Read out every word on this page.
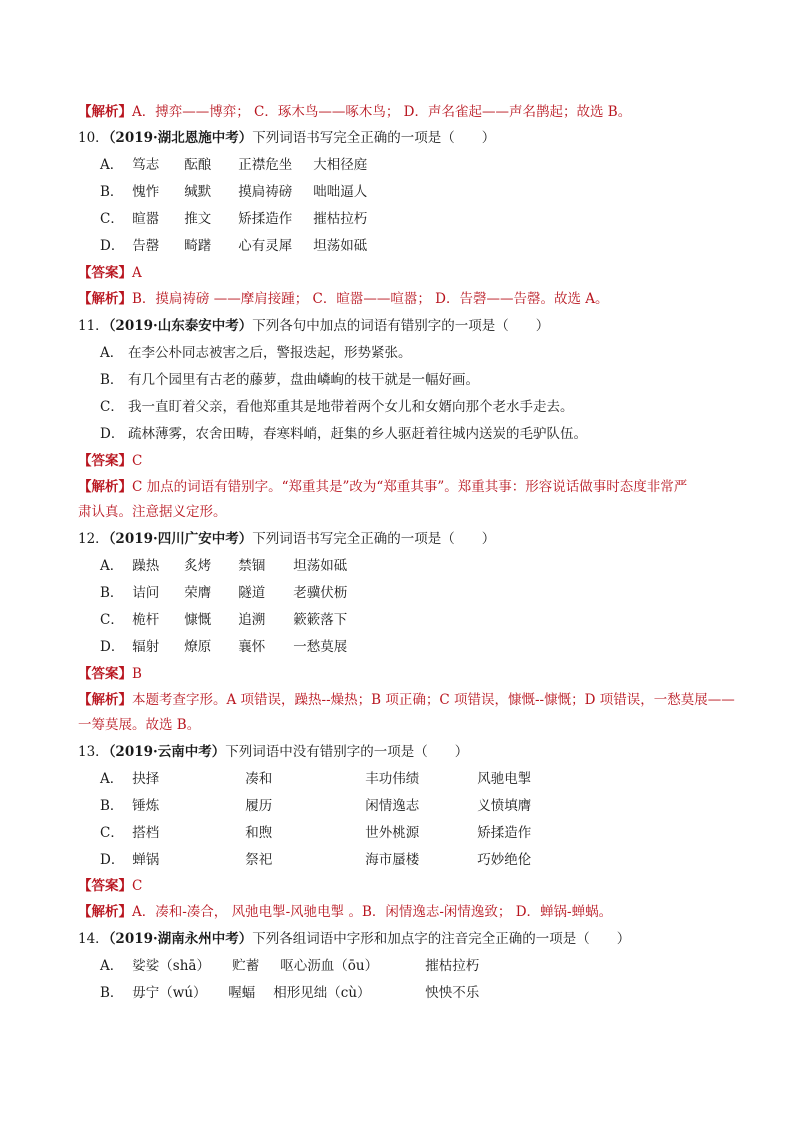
【解析】A．搏弈——博弈； C．琢木鸟——啄木鸟； D．声名雀起——声名鹊起；故选 B。
10．（2019·湖北恩施中考）下列词语书写完全正确的一项是（　　）
A． 笃志 酝酿 正襟危坐 大相径庭
B． 愧怍 缄默 摸扃祷磅 咄咄逼人
C． 暄嚣 推文 矫揉造作 摧枯拉朽
D． 告罄 畸躇 心有灵犀 坦荡如砥
【答案】A
【解析】B．摸扃祷磅 ——摩肩接踵； C．暄嚣——喧嚣； D．告磬——告罄。故选 A。
11．（2019·山东泰安中考）下列各句中加点的词语有错别字的一项是（　　）
A． 在李公朴同志被害之后，警报迭起，形势紧张。
B． 有几个园里有古老的藤萝，盘曲嶙峋的枝干就是一幅好画。
C． 我一直盯着父亲，看他郑重其是地带着两个女儿和女婿向那个老水手走去。
D． 疏林薄雾，农舍田畴，春寒料峭，赶集的乡人驱赶着往城内送炭的毛驴队伍。
【答案】C
【解析】C 加点的词语有错别字。“郑重其是”改为“郑重其事”。郑重其事：形容说话做事时态度非常严
肃认真。注意据义定形。
12．（2019·四川广安中考）下列词语书写完全正确的一项是（　　）
A． 躁热 炙烤 禁锢 坦荡如砥
B． 诘问 荣膺 隧道 老骥伏枥
C． 桅杆 慷慨 追溯 簌簌落下
D． 辐射 燎原 襄怀 一愁莫展
【答案】B
【解析】本题考查字形。A 项错误，躁热--燥热；B 项正确；C 项错误，慷慨--慷慨；D 项错误，一愁莫展——
一筹莫展。故选 B。
13．（2019·云南中考）下列词语中没有错别字的一项是（　　）
A． 抉择	凑和	丰功伟绩	风驰电掣
B． 锤炼	履历	闲情逸志	义愤填膺
C． 搭档	和煦	世外桃源	矫揉造作
D． 蝉锅	祭祀	海市蜃楼	巧妙绝伦
【答案】C
【解析】A．凑和-凑合， 风弛电掣-风驰电掣 。B．闲情逸志-闲情逸致； D．蝉锅-蝉蜗。
14．（2019·湖南永州中考）下列各组词语中字形和加点字的注音完全正确的一项是（　　）
A． 娑娑（shā） 贮蓄 呕心沥血（ōu）	摧枯拉朽
B． 毋宁（wú） 喔蝠 相形见绌（cù）	怏怏不乐
